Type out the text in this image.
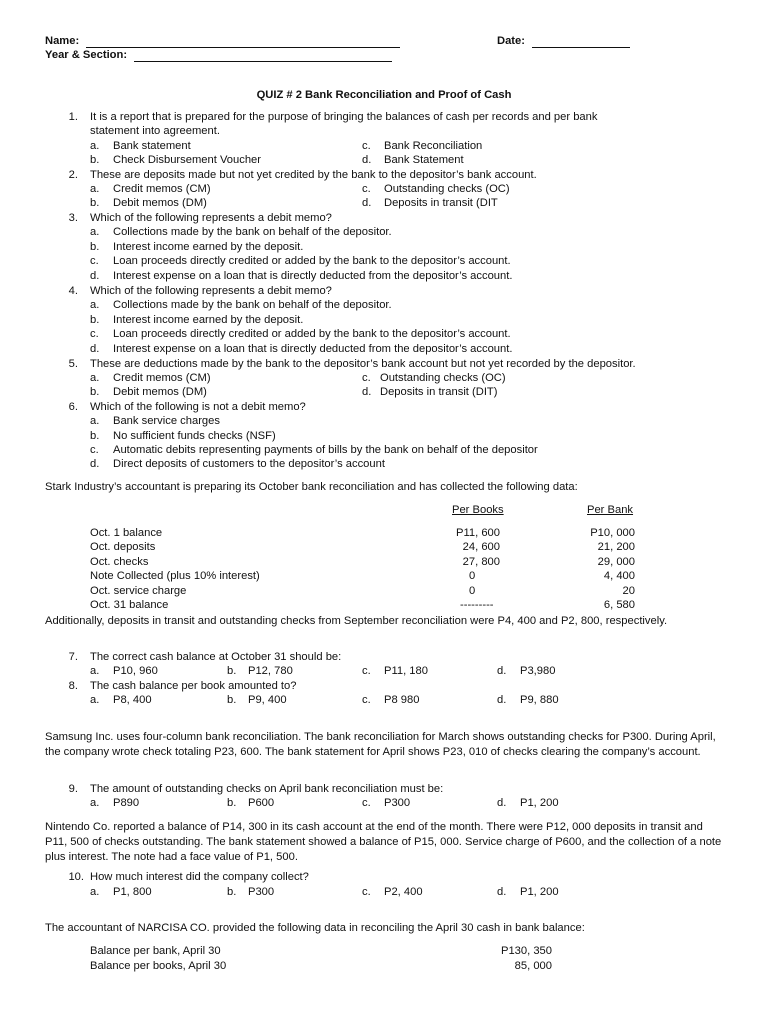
Name:	Date:
Year & Section:
QUIZ # 2 Bank Reconciliation and Proof of Cash
1. It is a report that is prepared for the purpose of bringing the balances of cash per records and per bank
statement into agreement.
a. Bank statement	c. Bank Reconciliation
b. Check Disbursement Voucher	d. Bank Statement
2. These are deposits made but not yet credited by the bank to the depositor’s bank account.
a. Credit memos (CM)	c. Outstanding checks (OC)
b. Debit memos (DM)	d. Deposits in transit (DIT
3. Which of the following represents a debit memo?
a. Collections made by the bank on behalf of the depositor.
b. Interest income earned by the deposit.
c. Loan proceeds directly credited or added by the bank to the depositor’s account.
d. Interest expense on a loan that is directly deducted from the depositor’s account.
4. Which of the following represents a debit memo?
a. Collections made by the bank on behalf of the depositor.
b. Interest income earned by the deposit.
c. Loan proceeds directly credited or added by the bank to the depositor’s account.
d. Interest expense on a loan that is directly deducted from the depositor’s account.
5. These are deductions made by the bank to the depositor’s bank account but not yet recorded by the depositor.
a. Credit memos (CM)	c. Outstanding checks (OC)
b. Debit memos (DM)	d. Deposits in transit (DIT)
6. Which of the following is not a debit memo?
a. Bank service charges
b. No sufficient funds checks (NSF)
c. Automatic debits representing payments of bills by the bank on behalf of the depositor
d. Direct deposits of customers to the depositor’s account
Stark Industry’s accountant is preparing its October bank reconciliation and has collected the following data:
Per Books	Per Bank
Oct. 1 balance	P11, 600	P10, 000
Oct. deposits	24, 600	21, 200
Oct. checks	27, 800	29, 000
Note Collected (plus 10% interest)	0	4, 400
Oct. service charge	0	20
Oct. 31 balance	---------	6, 580

Additionally, deposits in transit and outstanding checks from September reconciliation were P4, 400 and P2, 800, respectively.

7. The correct cash balance at October 31 should be:
a. P10, 960	b. P12, 780	c. P11, 180	d. P3,980
8. The cash balance per book amounted to?
a. P8, 400	b. P9, 400	c. P8 980	d. P9, 880

Samsung Inc. uses four-column bank reconciliation. The bank reconciliation for March shows outstanding checks for P300. During April, the company wrote check totaling P23, 600. The bank statement for April shows P23, 010 of checks clearing the company’s account.

9. The amount of outstanding checks on April bank reconciliation must be:
a. P890	b. P600	c. P300	d. P1, 200

Nintendo Co. reported a balance of P14, 300 in its cash account at the end of the month. There were P12, 000 deposits in transit and P11, 500 of checks outstanding. The bank statement showed a balance of P15, 000. Service charge of P600, and the collection of a note plus interest. The note had a face value of P1, 500.

10. How much interest did the company collect?
a. P1, 800	b. P300	c. P2, 400	d. P1, 200
The accountant of NARCISA CO. provided the following data in reconciling the April 30 cash in bank balance:
Balance per bank, April 30	P130, 350
Balance per books, April 30	85, 000
